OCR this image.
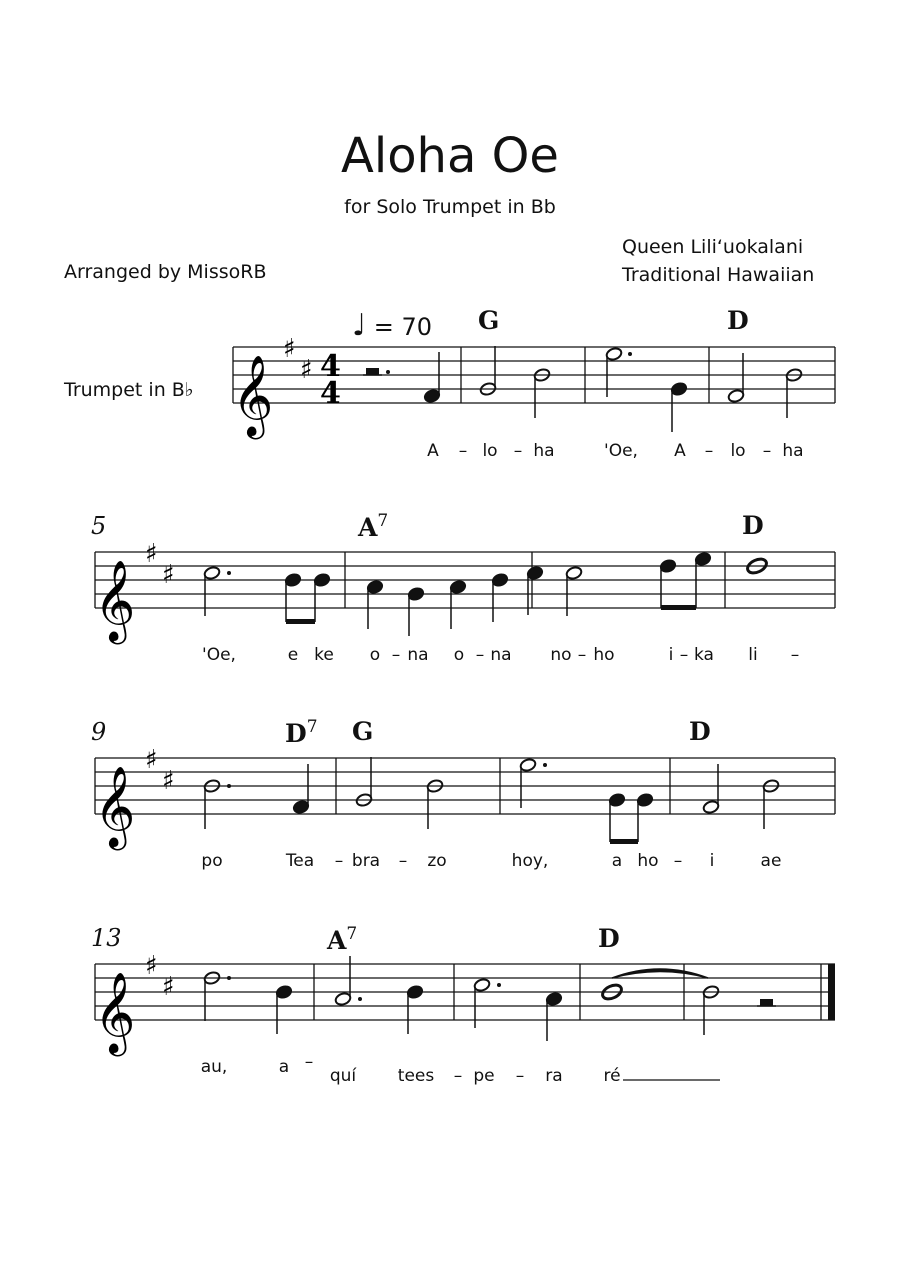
Aloha Oe
for Solo Trumpet in Bb
Queen Lili‘uokalani
Traditional Hawaiian
Arranged by MissoRB
Trumpet in B♭
♩ = 70
5
9
13
G	D
$A^7$	D
$D^7$ G	D
$A^7$	D
𝄞
𝄞
𝄞
𝄞
♯
♯
♯
♯
♯
♯
♯
♯
4
4
A – lo – ha	'Oe, A – lo – ha
'Oe,	e ke o – na o – na no – ho	i – ka li –
po	Te⁣a – bra – zo	hoy,	a ho – i	ae
au,	a –
quí te⁣es – pe – ra ré
